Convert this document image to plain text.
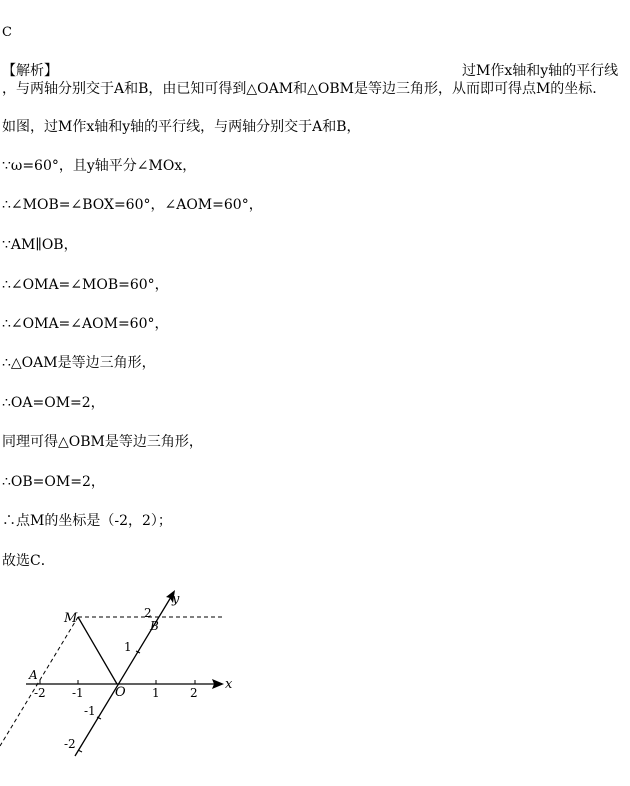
C
【解析】	过M作x轴和y轴的平行线
，与两轴分别交于A和B，由已知可得到△OAM和△OBM是等边三角形，从而即可得点M的坐标.
如图，过M作x轴和y轴的平行线，与两轴分别交于A和B，
∵ω=60°，且y轴平分∠MOx，
∴∠MOB=∠BOX=60°，∠AOM=60°，
∵AM∥OB，
∴∠OMA=∠MOB=60°，
∴∠OMA=∠AOM=60°，
∴△OAM是等边三角形，
∴OA=OM=2，
同理可得△OBM是等边三角形，
∴OB=OM=2，
∴点M的坐标是（-2，2）；
故选C．
x
y
O
M
A
B
-2 -1	1	2
2
1
-1
-2
